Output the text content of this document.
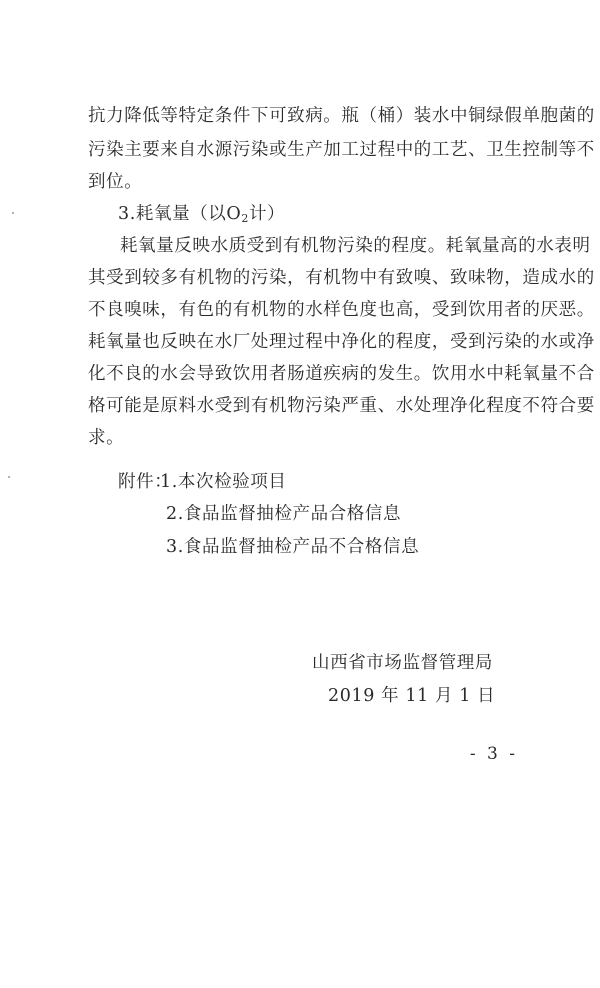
抗力降低等特定条件下可致病。瓶（桶）装水中铜绿假单胞菌的
污染主要来自水源污染或生产加工过程中的工艺、卫生控制等不
到位。
3.耗氧量（以$O_2$计）
耗氧量反映水质受到有机物污染的程度。耗氧量高的水表明
其受到较多有机物的污染，有机物中有致嗅、致味物，造成水的
不良嗅味，有色的有机物的水样色度也高，受到饮用者的厌恶。
耗氧量也反映在水厂处理过程中净化的程度，受到污染的水或净
化不良的水会导致饮用者肠道疾病的发生。饮用水中耗氧量不合
格可能是原料水受到有机物污染严重、水处理净化程度不符合要
求。
附件：
1.本次检验项目
2.食品监督抽检产品合格信息
3.食品监督抽检产品不合格信息
山西省市场监督管理局
2019 年 11 月 1 日
- 3 -
